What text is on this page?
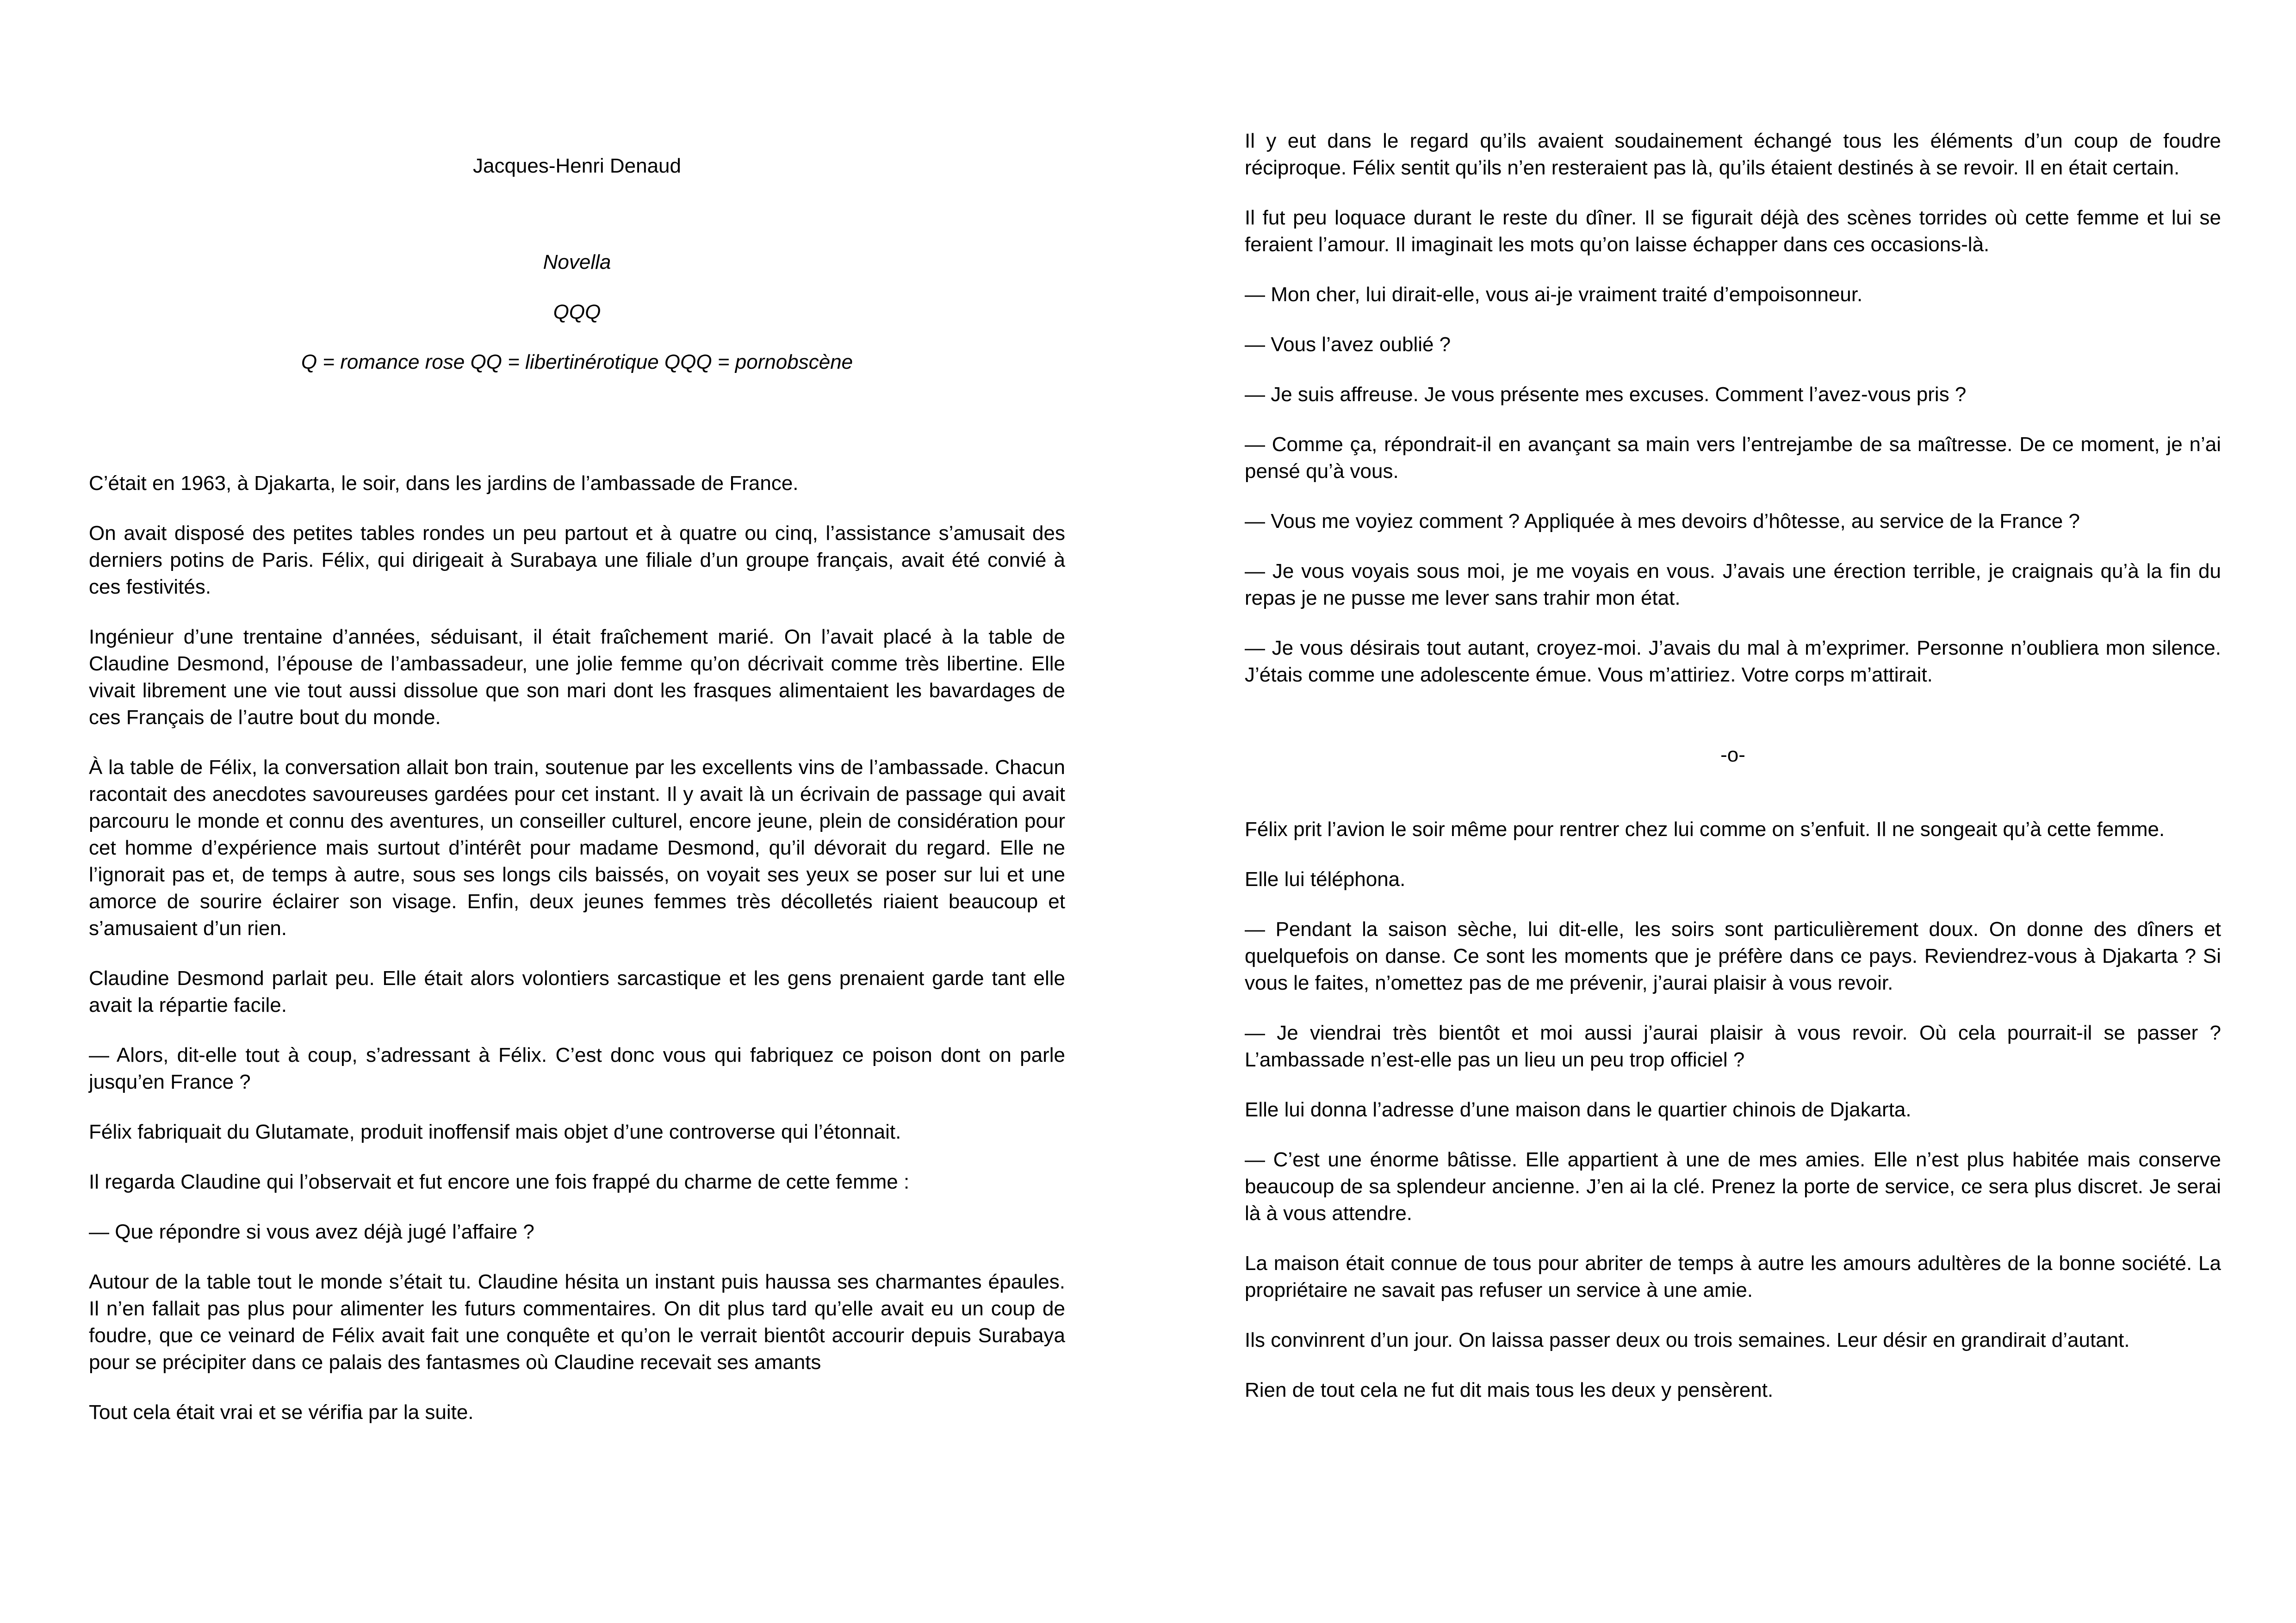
Jacques-Henri Denaud
Novella
QQQ
Q = romance rose QQ = libertinérotique QQQ = pornobscène

C’était en 1963, à Djakarta, le soir, dans les jardins de l’ambassade de France.

On avait disposé des petites tables rondes un peu partout et à quatre ou cinq, l’assistance s’amusait des derniers potins de Paris. Félix, qui dirigeait à Surabaya une filiale d’un groupe français, avait été convié à ces festivités.

Ingénieur d’une trentaine d’années, séduisant, il était fraîchement marié. On l’avait placé à la table de Claudine Desmond, l’épouse de l’ambassadeur, une jolie femme qu’on décrivait comme très libertine. Elle vivait librement une vie tout aussi dissolue que son mari dont les frasques alimentaient les bavardages de ces Français de l’autre bout du monde.

À la table de Félix, la conversation allait bon train, soutenue par les excellents vins de l’ambassade. Chacun racontait des anecdotes savoureuses gardées pour cet instant. Il y avait là un écrivain de passage qui avait parcouru le monde et connu des aventures, un conseiller culturel, encore jeune, plein de considération pour cet homme d’expérience mais surtout d’intérêt pour madame Desmond, qu’il dévorait du regard. Elle ne l’ignorait pas et, de temps à autre, sous ses longs cils baissés, on voyait ses yeux se poser sur lui et une amorce de sourire éclairer son visage. Enfin, deux jeunes femmes très décolletés riaient beaucoup et s’amusaient d’un rien.

Claudine Desmond parlait peu. Elle était alors volontiers sarcastique et les gens prenaient garde tant elle avait la répartie facile.

— Alors, dit-elle tout à coup, s’adressant à Félix. C’est donc vous qui fabriquez ce poison dont on parle jusqu’en France ?

Félix fabriquait du Glutamate, produit inoffensif mais objet d’une controverse qui l’étonnait.

Il regarda Claudine qui l’observait et fut encore une fois frappé du charme de cette femme :

— Que répondre si vous avez déjà jugé l’affaire ?

Autour de la table tout le monde s’était tu. Claudine hésita un instant puis haussa ses charmantes épaules. Il n’en fallait pas plus pour alimenter les futurs commentaires. On dit plus tard qu’elle avait eu un coup de foudre, que ce veinard de Félix avait fait une conquête et qu’on le verrait bientôt accourir depuis Surabaya pour se précipiter dans ce palais des fantasmes où Claudine recevait ses amants

Tout cela était vrai et se vérifia par la suite.

Il y eut dans le regard qu’ils avaient soudainement échangé tous les éléments d’un coup de foudre réciproque. Félix sentit qu’ils n’en resteraient pas là, qu’ils étaient destinés à se revoir. Il en était certain.

Il fut peu loquace durant le reste du dîner. Il se figurait déjà des scènes torrides où cette femme et lui se feraient l’amour. Il imaginait les mots qu’on laisse échapper dans ces occasions-là.

— Mon cher, lui dirait-elle, vous ai-je vraiment traité d’empoisonneur.

— Vous l’avez oublié ?

— Je suis affreuse. Je vous présente mes excuses. Comment l’avez-vous pris ?

— Comme ça, répondrait-il en avançant sa main vers l’entrejambe de sa maîtresse. De ce moment, je n’ai pensé qu’à vous.

— Vous me voyiez comment ? Appliquée à mes devoirs d’hôtesse, au service de la France ?

— Je vous voyais sous moi, je me voyais en vous. J’avais une érection terrible, je craignais qu’à la fin du repas je ne pusse me lever sans trahir mon état.

— Je vous désirais tout autant, croyez-moi. J’avais du mal à m’exprimer. Personne n’oubliera mon silence. J’étais comme une adolescente émue. Vous m’attiriez. Votre corps m’attirait.

-o-

Félix prit l’avion le soir même pour rentrer chez lui comme on s’enfuit. Il ne songeait qu’à cette femme.

Elle lui téléphona.

— Pendant la saison sèche, lui dit-elle, les soirs sont particulièrement doux. On donne des dîners et quelquefois on danse. Ce sont les moments que je préfère dans ce pays. Reviendrez-vous à Djakarta ? Si vous le faites, n’omettez pas de me prévenir, j’aurai plaisir à vous revoir.

— Je viendrai très bientôt et moi aussi j’aurai plaisir à vous revoir. Où cela pourrait-il se passer ? L’ambassade n’est-elle pas un lieu un peu trop officiel ?

Elle lui donna l’adresse d’une maison dans le quartier chinois de Djakarta.

— C’est une énorme bâtisse. Elle appartient à une de mes amies. Elle n’est plus habitée mais conserve beaucoup de sa splendeur ancienne. J’en ai la clé. Prenez la porte de service, ce sera plus discret. Je serai là à vous attendre.

La maison était connue de tous pour abriter de temps à autre les amours adultères de la bonne société. La propriétaire ne savait pas refuser un service à une amie.

Ils convinrent d’un jour. On laissa passer deux ou trois semaines. Leur désir en grandirait d’autant.

Rien de tout cela ne fut dit mais tous les deux y pensèrent.
